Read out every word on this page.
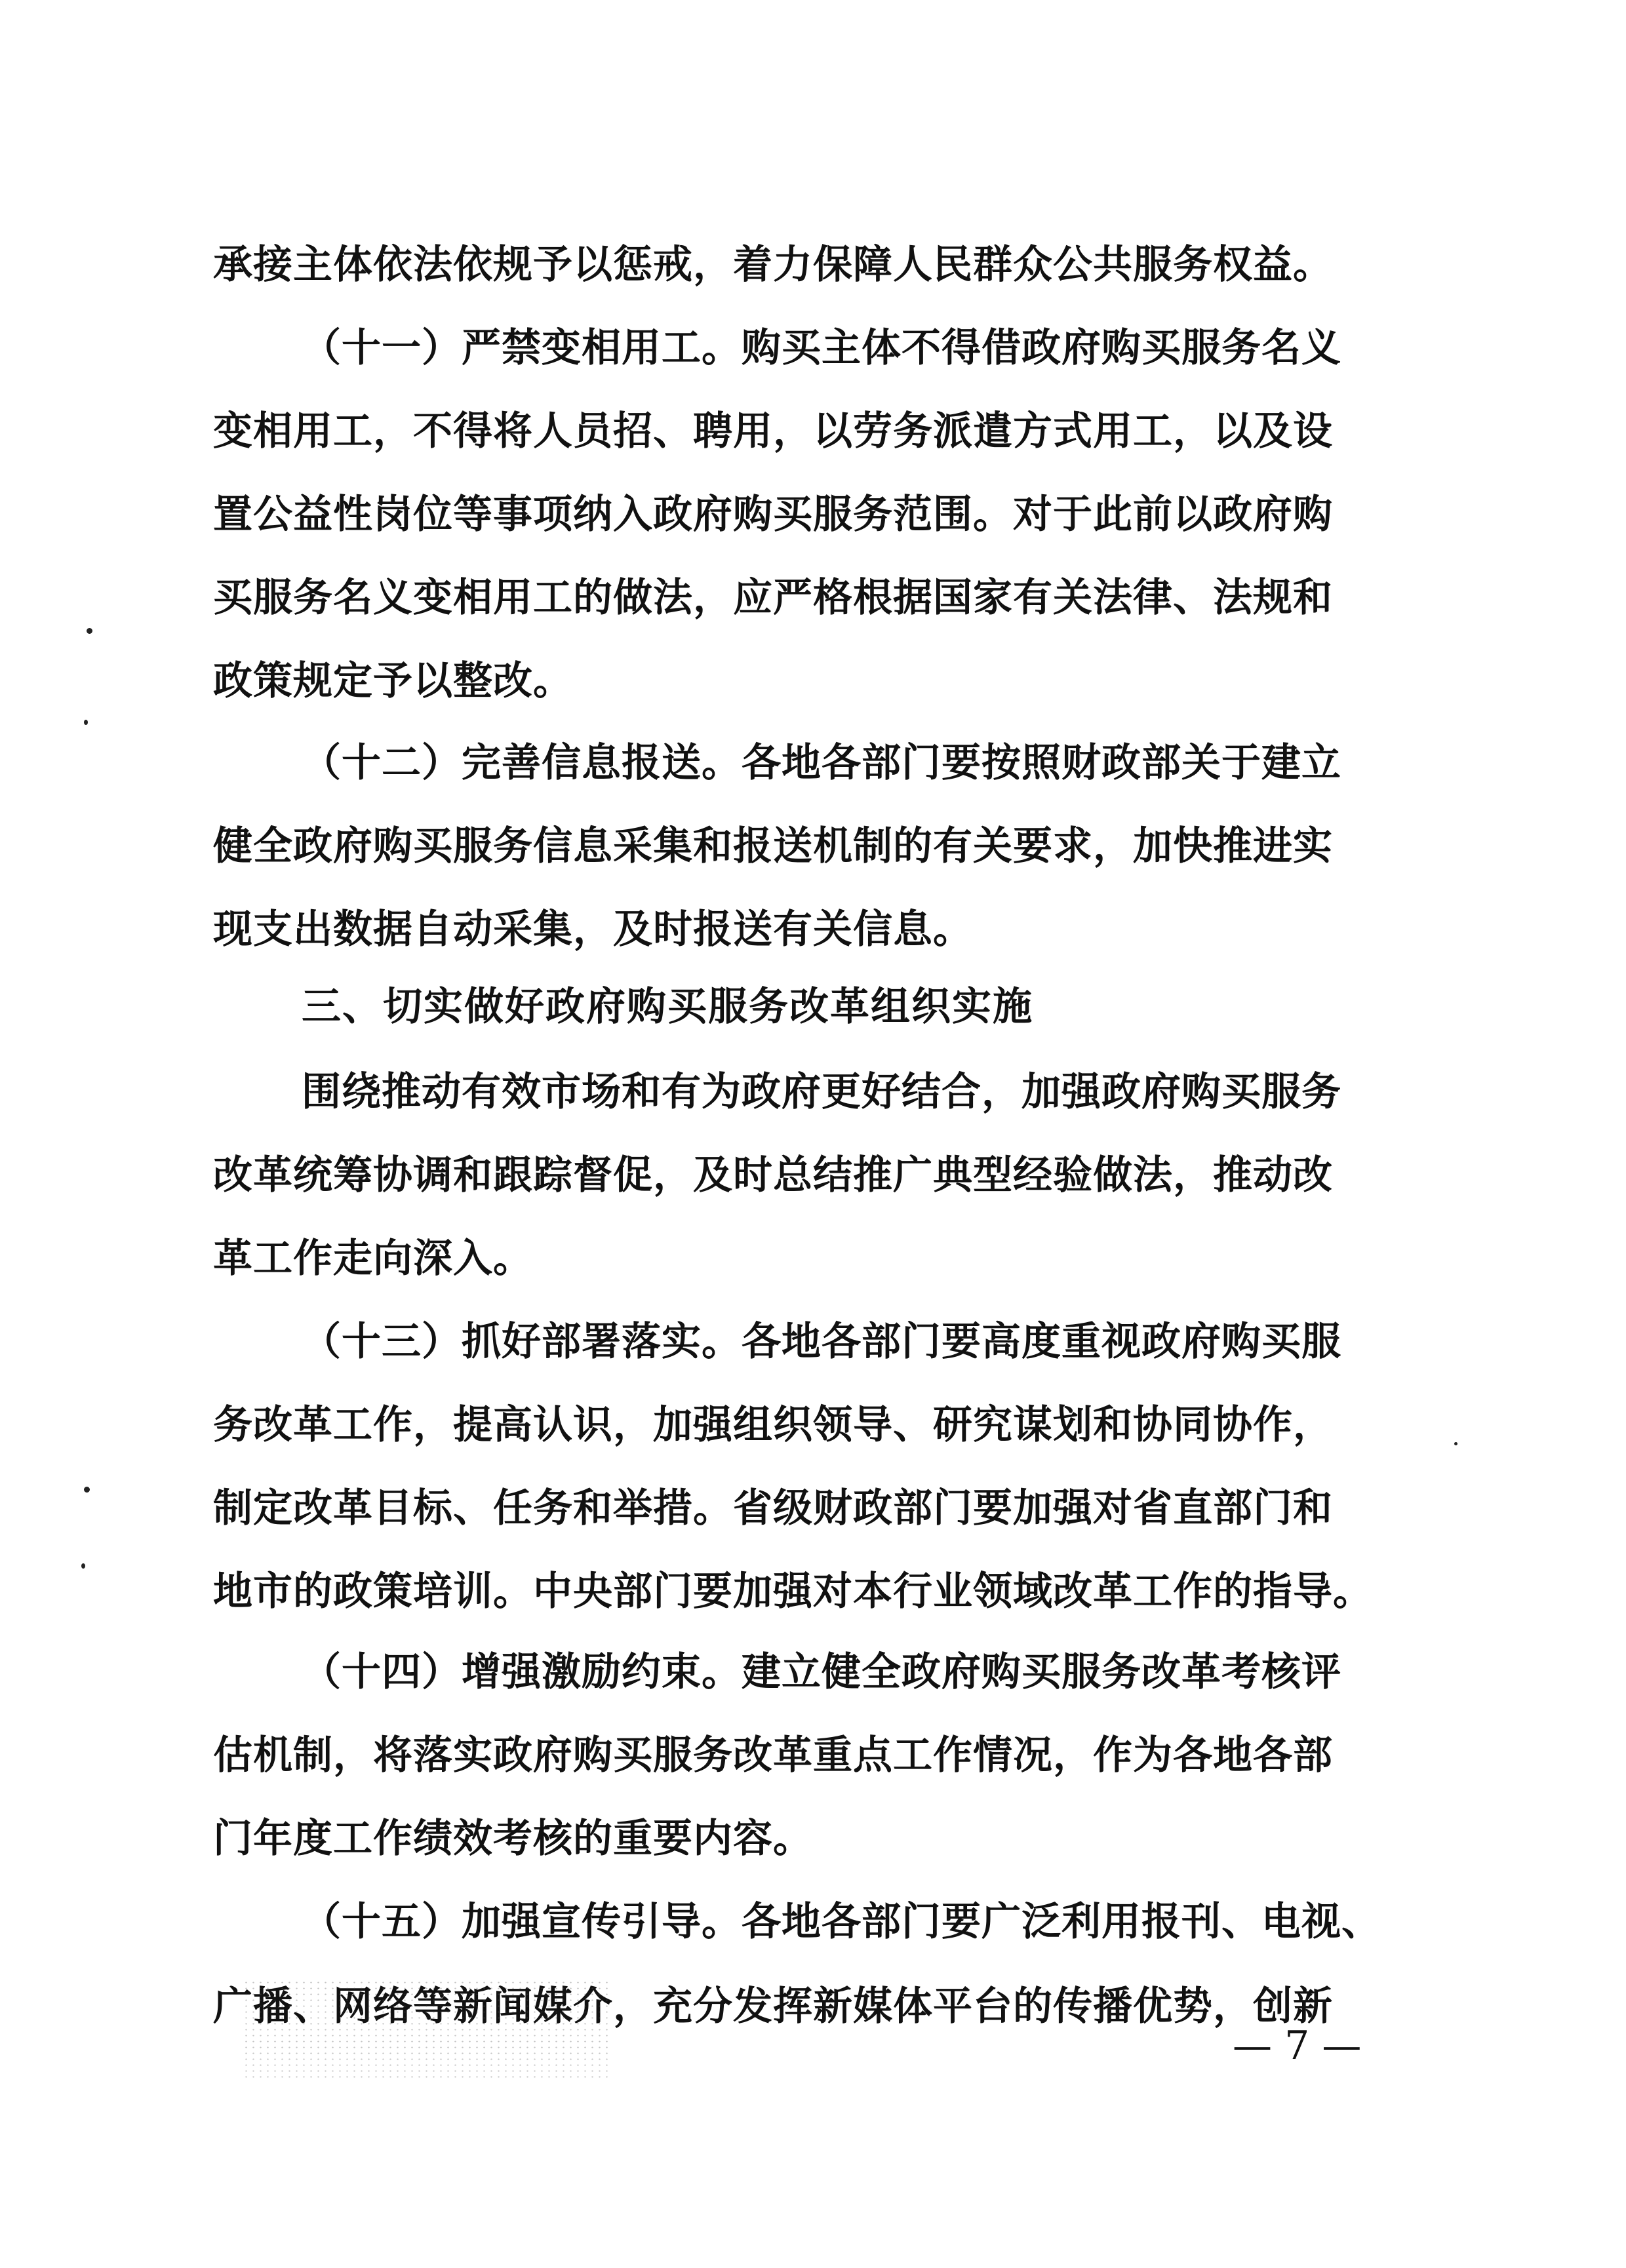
承接主体依法依规予以惩戒，着力保障人民群众公共服务权益。
（十一）严禁变相用工。购买主体不得借政府购买服务名义
变相用工，不得将人员招、聘用，以劳务派遣方式用工，以及设
置公益性岗位等事项纳入政府购买服务范围。对于此前以政府购
买服务名义变相用工的做法，应严格根据国家有关法律、法规和
政策规定予以整改。
（十二）完善信息报送。各地各部门要按照财政部关于建立
健全政府购买服务信息采集和报送机制的有关要求，加快推进实
现支出数据自动采集，及时报送有关信息。
三、切实做好政府购买服务改革组织实施
围绕推动有效市场和有为政府更好结合，加强政府购买服务
改革统筹协调和跟踪督促，及时总结推广典型经验做法，推动改
革工作走向深入。
（十三）抓好部署落实。各地各部门要高度重视政府购买服
务改革工作，提高认识，加强组织领导、研究谋划和协同协作，
制定改革目标、任务和举措。省级财政部门要加强对省直部门和
地市的政策培训。中央部门要加强对本行业领域改革工作的指导。
（十四）增强激励约束。建立健全政府购买服务改革考核评
估机制，将落实政府购买服务改革重点工作情况，作为各地各部
门年度工作绩效考核的重要内容。
（十五）加强宣传引导。各地各部门要广泛利用报刊、电视、
广播、网络等新闻媒介，充分发挥新媒体平台的传播优势，创新
— 7 —
